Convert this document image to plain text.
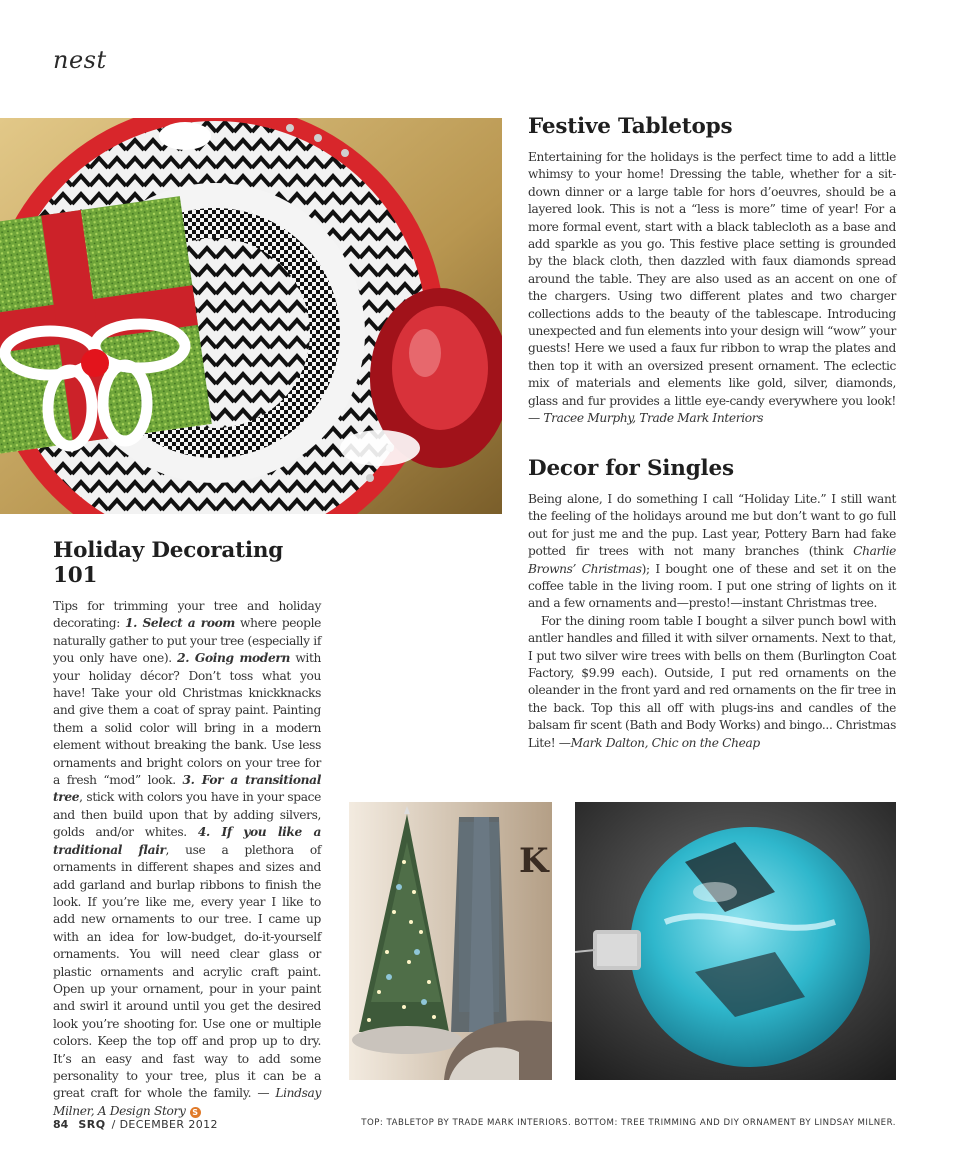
nest
Festive Tabletops

Entertaining for the holidays is the perfect time to add a little whimsy to your home! Dressing the table, whether for a sit-down dinner or a large table for hors d’oeuvres, should be a layered look. This is not a “less is more” time of year! For a more formal event, start with a black tablecloth as a base and add sparkle as you go. This festive place setting is grounded by the black cloth, then dazzled with faux diamonds spread around the table. They are also used as an accent on one of the chargers. Using two different plates and two charger collections adds to the beauty of the tablescape. Introducing unexpected and fun elements into your design will “wow” your guests! Here we used a faux fur ribbon to wrap the plates and then top it with an oversized present ornament. The eclectic mix of materials and elements like gold, silver, diamonds, glass and fur provides a little eye-candy everywhere you look! — Tracee Murphy, Trade Mark Interiors

Decor for Singles

Being alone, I do something I call “Holiday Lite.” I still want the feeling of the holidays around me but don’t want to go full out for just me and the pup. Last year, Pottery Barn had fake potted fir trees with not many branches (think Charlie Browns’ Christmas); I bought one of these and set it on the coffee table in the living room. I put one string of lights on it and a few ornaments and—presto!—instant Christmas tree.

For the dining room table I bought a silver punch bowl with antler handles and filled it with silver ornaments. Next to that, I put two silver wire trees with bells on them (Burlington Coat Factory, $9.99 each). Outside, I put red ornaments on the oleander in the front yard and red ornaments on the fir tree in the back. Top this all off with plugs-ins and candles of the balsam fir scent (Bath and Body Works) and bingo... Christmas Lite! —Mark Dalton, Chic on the Cheap

Holiday Decorating 101

Tips for trimming your tree and holiday decorating: 1. Select a room where people naturally gather to put your tree (especially if you only have one). 2. Going modern with your holiday décor? Don’t toss what you have! Take your old Christmas knickknacks and give them a coat of spray paint. Painting them a solid color will bring in a modern element without breaking the bank. Use less ornaments and bright colors on your tree for a fresh “mod” look. 3. For a transitional tree, stick with colors you have in your space and then build upon that by adding silvers, golds and/or whites. 4. If you like a traditional flair, use a plethora of ornaments in different shapes and sizes and add garland and burlap ribbons to finish the look. If you’re like me, every year I like to add new ornaments to our tree. I came up with an idea for low-budget, do-it-yourself ornaments. You will need clear glass or plastic ornaments and acrylic craft paint. Open up your ornament, pour in your paint and swirl it around until you get the desired look you’re shooting for. Use one or multiple colors. Keep the top off and prop up to dry. It’s an easy and fast way to add some personality to your tree, plus it can be a great craft for whole the family. — Lindsay Milner, A Design Story S

K
84 SRQ / DECEMBER 2012	TOP: TABLETOP BY TRADE MARK INTERIORS. BOTTOM: TREE TRIMMING AND DIY ORNAMENT BY LINDSAY MILNER.
